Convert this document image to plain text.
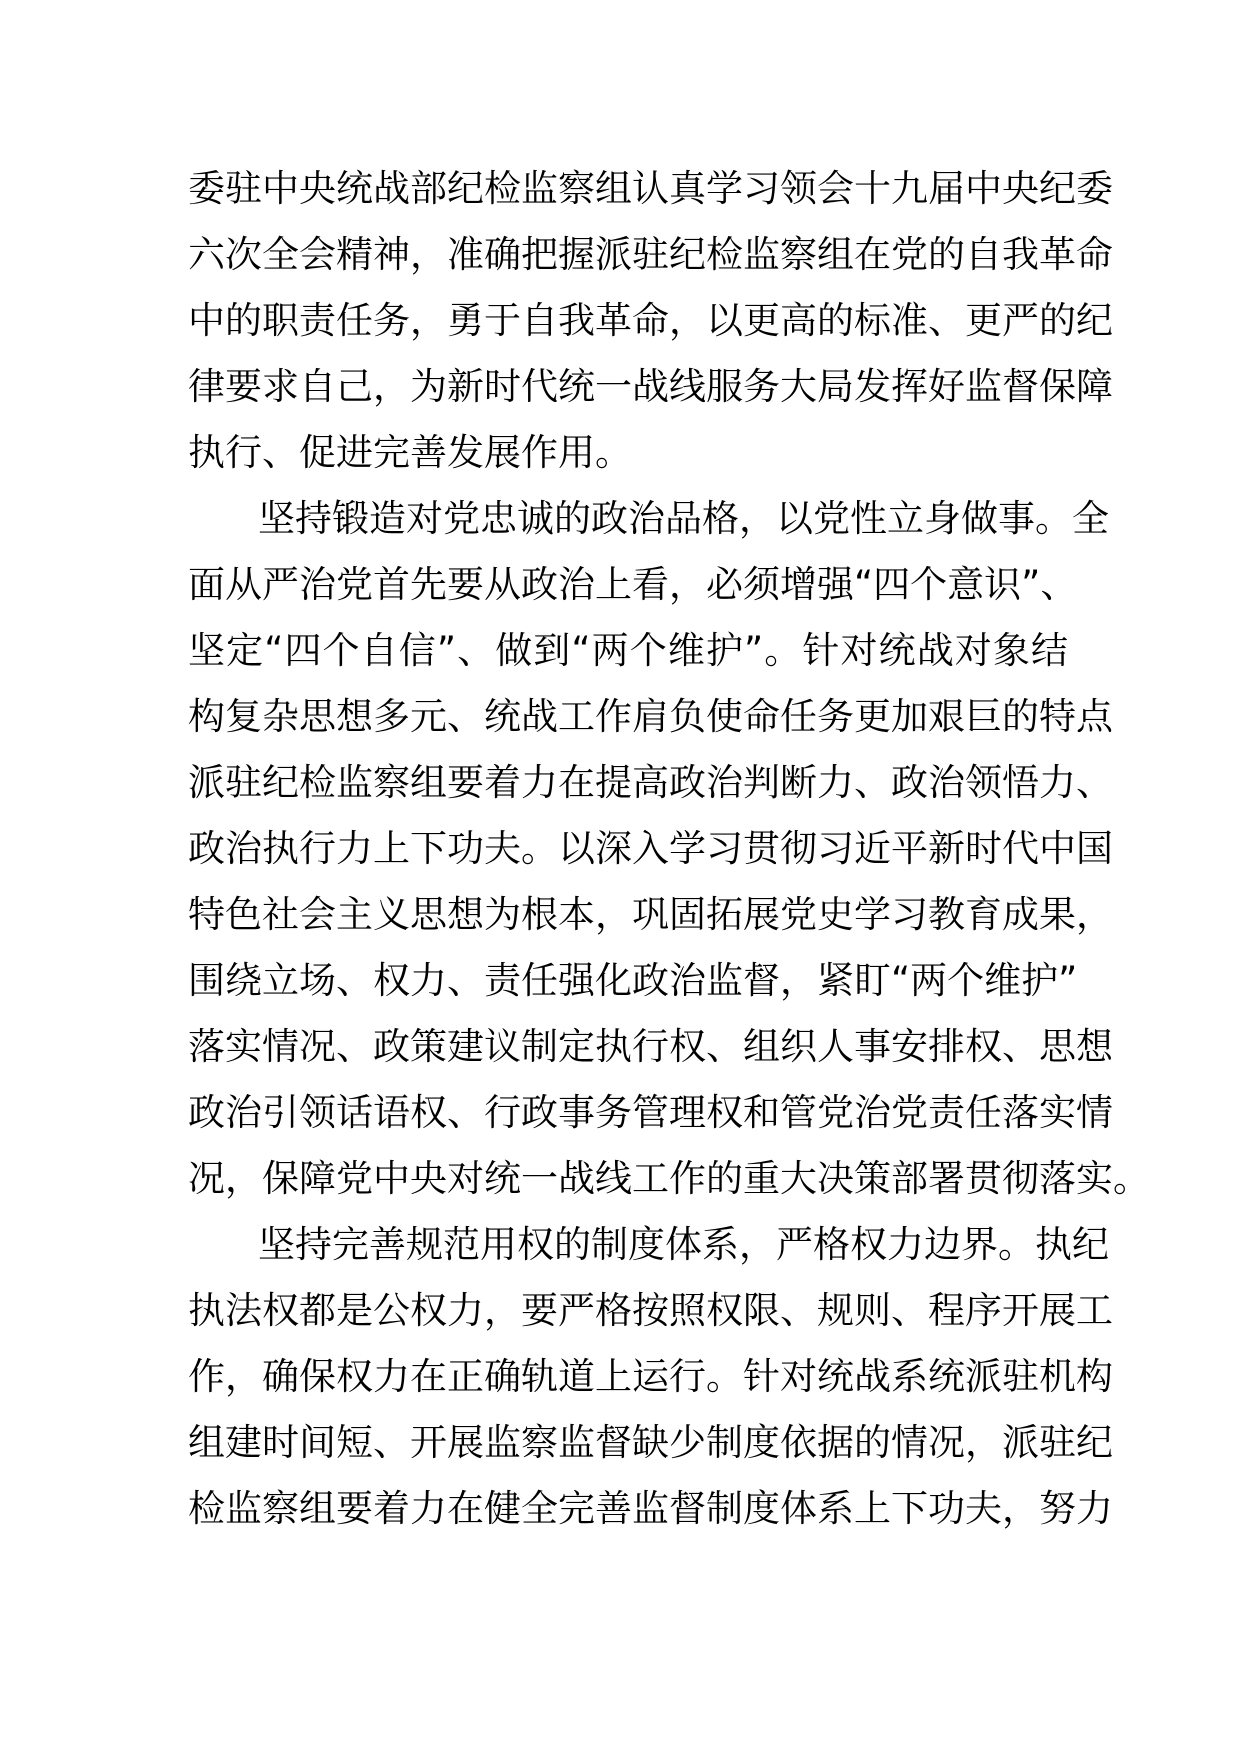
委驻中央统战部纪检监察组认真学习领会十九届中央纪委
六次全会精神，准确把握派驻纪检监察组在党的自我革命
中的职责任务，勇于自我革命，以更高的标准、更严的纪
律要求自己，为新时代统一战线服务大局发挥好监督保障
执行、促进完善发展作用。
坚持锻造对党忠诚的政治品格，以党性立身做事。全
面从严治党首先要从政治上看，必须增强“四个意识”、
坚定“四个自信”、做到“两个维护”。针对统战对象结
构复杂思想多元、统战工作肩负使命任务更加艰巨的特点
派驻纪检监察组要着力在提高政治判断力、政治领悟力、
政治执行力上下功夫。以深入学习贯彻习近平新时代中国
特色社会主义思想为根本，巩固拓展党史学习教育成果，
围绕立场、权力、责任强化政治监督，紧盯“两个维护”
落实情况、政策建议制定执行权、组织人事安排权、思想
政治引领话语权、行政事务管理权和管党治党责任落实情
况，保障党中央对统一战线工作的重大决策部署贯彻落实。
坚持完善规范用权的制度体系，严格权力边界。执纪
执法权都是公权力，要严格按照权限、规则、程序开展工
作，确保权力在正确轨道上运行。针对统战系统派驻机构
组建时间短、开展监察监督缺少制度依据的情况，派驻纪
检监察组要着力在健全完善监督制度体系上下功夫，努力
